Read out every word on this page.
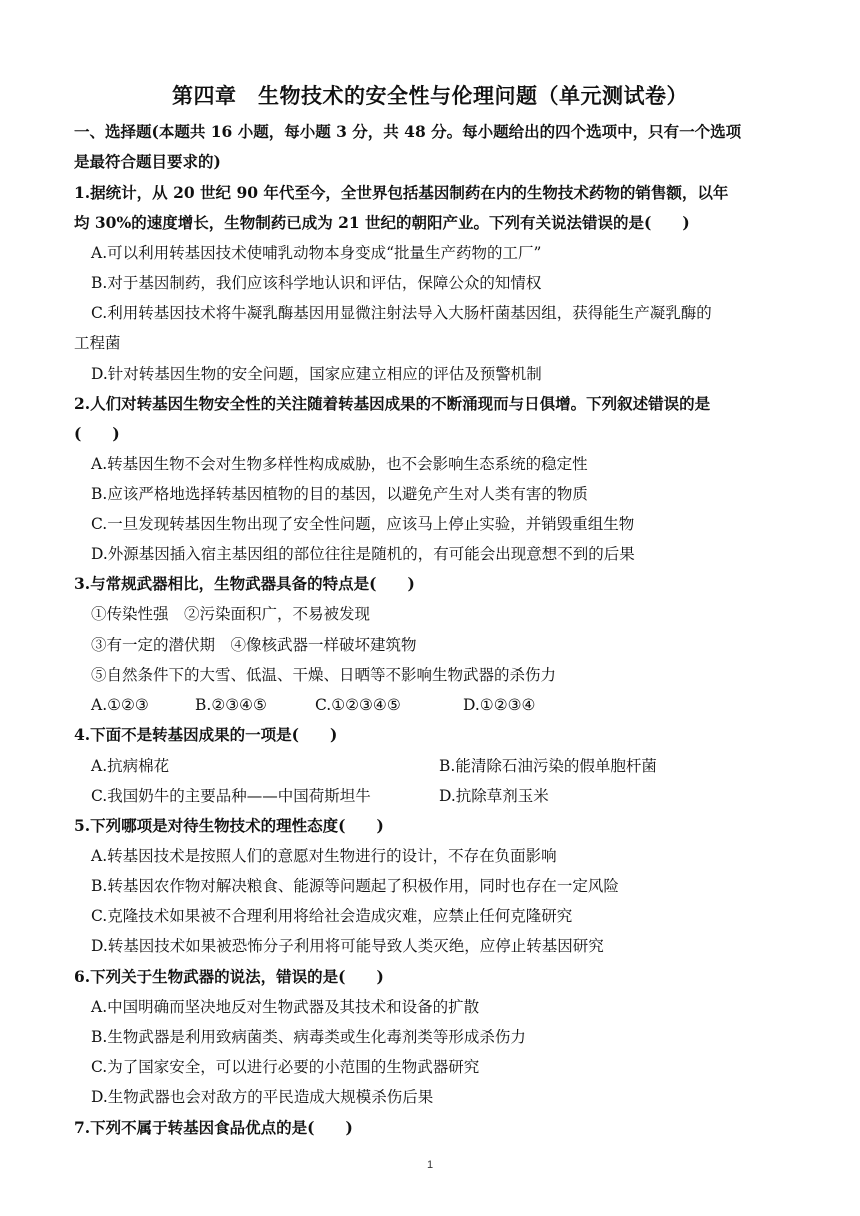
第四章　生物技术的安全性与伦理问题（单元测试卷）
一、选择题(本题共 16 小题，每小题 3 分，共 48 分。每小题给出的四个选项中，只有一个选项
是最符合题目要求的)
1.据统计，从 20 世纪 90 年代至今，全世界包括基因制药在内的生物技术药物的销售额，以年
均 30%的速度增长，生物制药已成为 21 世纪的朝阳产业。下列有关说法错误的是(　　)
A.可以利用转基因技术使哺乳动物本身变成“批量生产药物的工厂”
B.对于基因制药，我们应该科学地认识和评估，保障公众的知情权
C.利用转基因技术将牛凝乳酶基因用显微注射法导入大肠杆菌基因组，获得能生产凝乳酶的
工程菌
D.针对转基因生物的安全问题，国家应建立相应的评估及预警机制
2.人们对转基因生物安全性的关注随着转基因成果的不断涌现而与日俱增。下列叙述错误的是
(　　)
A.转基因生物不会对生物多样性构成威胁，也不会影响生态系统的稳定性
B.应该严格地选择转基因植物的目的基因，以避免产生对人类有害的物质
C.一旦发现转基因生物出现了安全性问题，应该马上停止实验，并销毁重组生物
D.外源基因插入宿主基因组的部位往往是随机的，有可能会出现意想不到的后果
3.与常规武器相比，生物武器具备的特点是(　　)
①传染性强　②污染面积广，不易被发现
③有一定的潜伏期　④像核武器一样破坏建筑物
⑤自然条件下的大雪、低温、干燥、日晒等不影响生物武器的杀伤力
A.①②③	B.②③④⑤	C.①②③④⑤	D.①②③④
4.下面不是转基因成果的一项是(　　)
A.抗病棉花	B.能清除石油污染的假单胞杆菌
C.我国奶牛的主要品种——中国荷斯坦牛	D.抗除草剂玉米
5.下列哪项是对待生物技术的理性态度(　　)
A.转基因技术是按照人们的意愿对生物进行的设计，不存在负面影响
B.转基因农作物对解决粮食、能源等问题起了积极作用，同时也存在一定风险
C.克隆技术如果被不合理利用将给社会造成灾难，应禁止任何克隆研究
D.转基因技术如果被恐怖分子利用将可能导致人类灭绝，应停止转基因研究
6.下列关于生物武器的说法，错误的是(　　)
A.中国明确而坚决地反对生物武器及其技术和设备的扩散
B.生物武器是利用致病菌类、病毒类或生化毒剂类等形成杀伤力
C.为了国家安全，可以进行必要的小范围的生物武器研究
D.生物武器也会对敌方的平民造成大规模杀伤后果
7.下列不属于转基因食品优点的是(　　)
1
